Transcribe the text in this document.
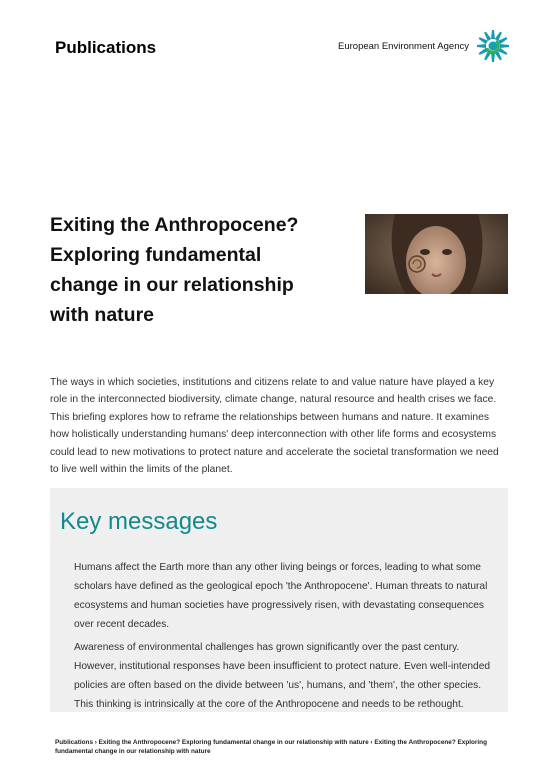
Publications	European Environment Agency
Exiting the Anthropocene?
Exploring fundamental
change in our relationship
with nature
The ways in which societies, institutions and citizens relate to and value nature have played a key role in the interconnected biodiversity, climate change, natural resource and health crises we face. This briefing explores how to reframe the relationships between humans and nature. It examines how holistically understanding humans' deep interconnection with other life forms and ecosystems could lead to new motivations to protect nature and accelerate the societal transformation we need to live well within the limits of the planet.
Key messages

Humans affect the Earth more than any other living beings or forces, leading to what some scholars have defined as the geological epoch 'the Anthropocene'. Human threats to natural ecosystems and human societies have progressively risen, with devastating consequences over recent decades.

Awareness of environmental challenges has grown significantly over the past century. However, institutional responses have been insufficient to protect nature. Even well-intended policies are often based on the divide between 'us', humans, and 'them', the other species. This thinking is intrinsically at the core of the Anthropocene and needs to be rethought.

Publications › Exiting the Anthropocene? Exploring fundamental change in our relationship with nature › Exiting the Anthropocene? Exploring fundamental change in our relationship with nature
